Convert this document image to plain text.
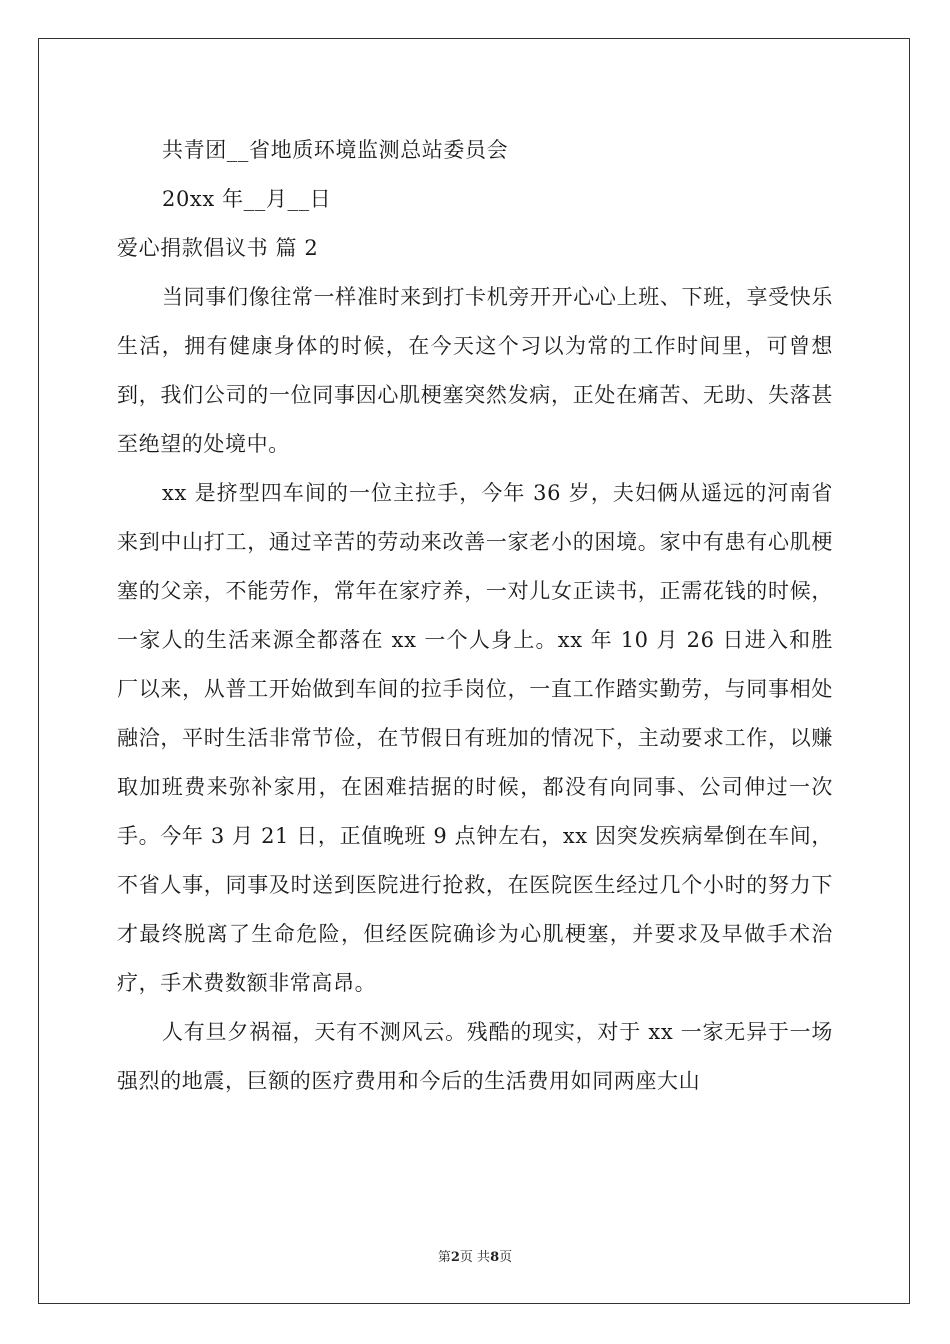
共青团__省地质环境监测总站委员会

20xx 年__月__日

爱心捐款倡议书 篇 2

当同事们像往常一样准时来到打卡机旁开开心心上班、下班，享受快乐生活，拥有健康身体的时候，在今天这个习以为常的工作时间里，可曾想到，我们公司的一位同事因心肌梗塞突然发病，正处在痛苦、无助、失落甚至绝望的处境中。

xx 是挤型四车间的一位主拉手，今年 36 岁，夫妇俩从遥远的河南省来到中山打工，通过辛苦的劳动来改善一家老小的困境。家中有患有心肌梗塞的父亲，不能劳作，常年在家疗养，一对儿女正读书，正需花钱的时候，一家人的生活来源全都落在 xx 一个人身上。xx 年 10 月 26 日进入和胜厂以来，从普工开始做到车间的拉手岗位，一直工作踏实勤劳，与同事相处融洽，平时生活非常节俭，在节假日有班加的情况下，主动要求工作，以赚取加班费来弥补家用，在困难拮据的时候，都没有向同事、公司伸过一次手。今年 3 月 21 日，正值晚班 9 点钟左右，xx 因突发疾病晕倒在车间，不省人事，同事及时送到医院进行抢救，在医院医生经过几个小时的努力下才最终脱离了生命危险，但经医院确诊为心肌梗塞，并要求及早做手术治疗，手术费数额非常高昂。

人有旦夕祸福，天有不测风云。残酷的现实，对于 xx 一家无异于一场强烈的地震，巨额的医疗费用和今后的生活费用如同两座大山

第2页 共8页
